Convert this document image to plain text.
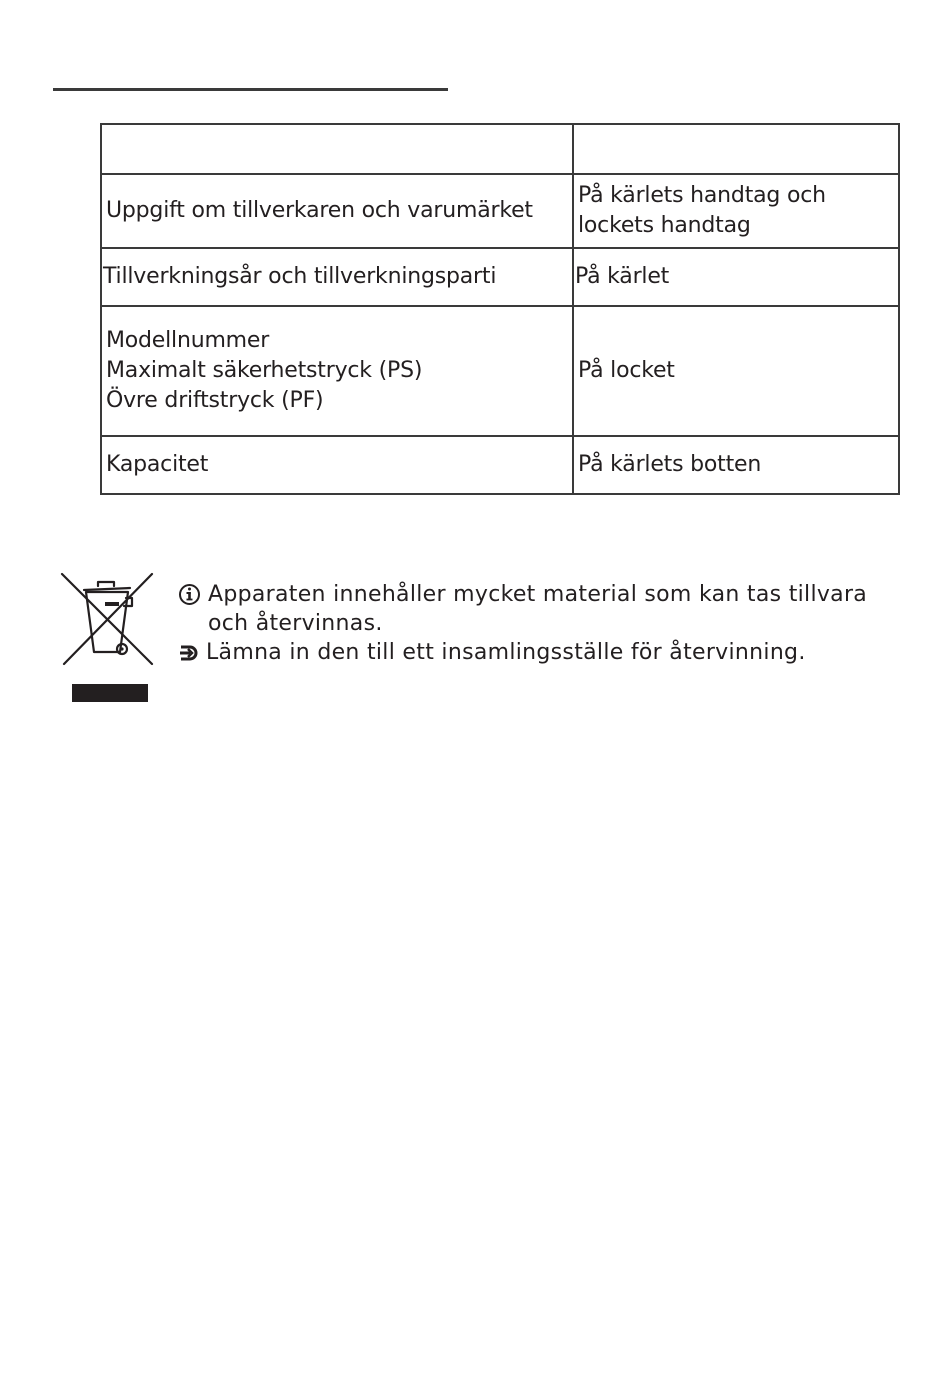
Uppgift om tillverkaren och varumärket	På kärlets handtag och lockets handtag

Tillverkningsår och tillverkningsparti	På kärlet

Modellnummer
Maximalt säkerhetstryck (PS)
Övre driftstryck (PF)	På locket

Kapacitet	På kärlets botten
Apparaten innehåller mycket material som kan tas tillvara och återvinnas.
Lämna in den till ett insamlingsställe för återvinning.
